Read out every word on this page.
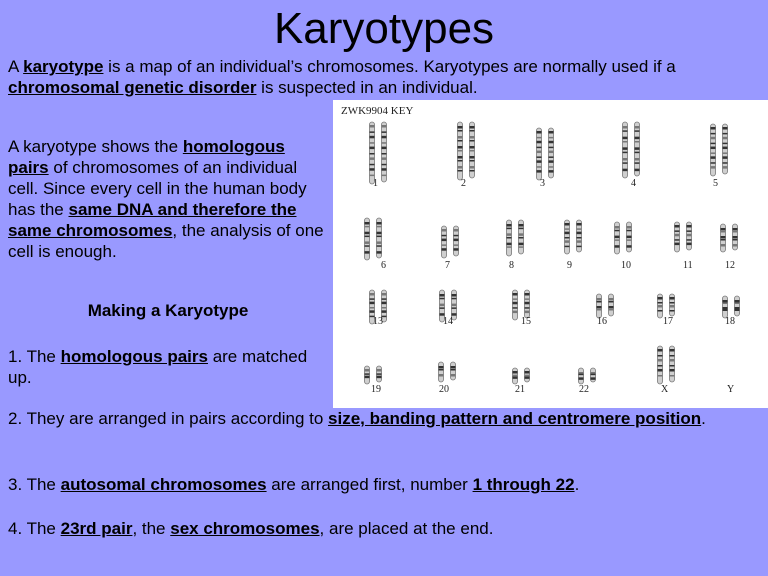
Karyotypes
A karyotype is a map of an individual’s chromosomes. Karyotypes are normally used if a chromosomal genetic disorder is suspected in an individual.
A karyotype shows the homologous pairs of chromosomes of an individual cell. Since every cell in the human body has the same DNA and therefore the same chromosomes, the analysis of one cell is enough.
Making a Karyotype
1. The homologous pairs are matched up.
2. They are arranged in pairs according to size, banding pattern and centromere position.
3. The autosomal chromosomes are arranged first, number 1 through 22.
4. The 23rd pair, the sex chromosomes, are placed at the end.
ZWK9904 KEY
1	2	3	4	5
6	7	8	9	10	11	12
13	14	15	16	17	18
19	20	21	22	X	Y
